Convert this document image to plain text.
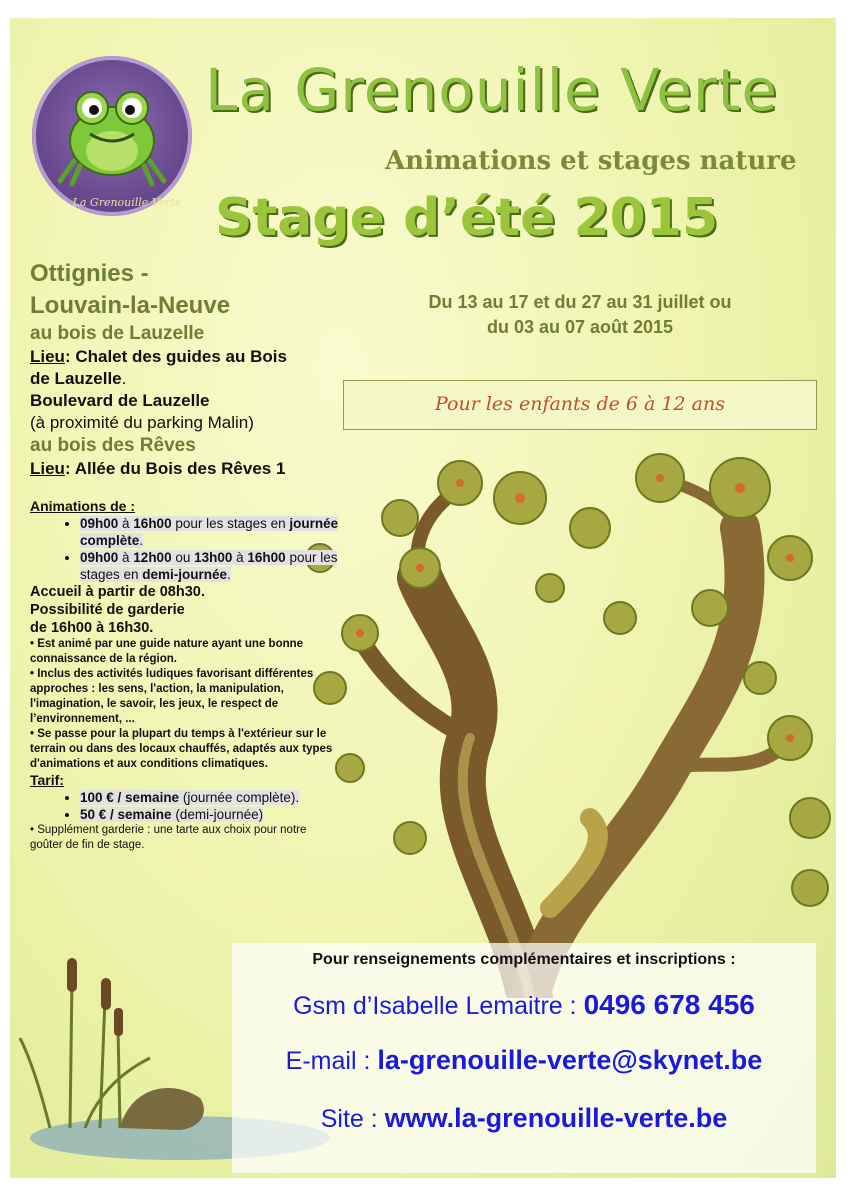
La Grenouille Verte
La Grenouille Verte
Animations et stages nature
Stage d’été 2015
Du 13 au 17 et du 27 au 31 juillet ou
du 03 au 07 août 2015
Pour les enfants de 6 à 12 ans
Ottignies -
Louvain-la-Neuve
au bois de Lauzelle
Lieu: Chalet des guides au Bois
de Lauzelle.
Boulevard de Lauzelle
(à proximité du parking Malin)
au bois des Rêves
Lieu: Allée du Bois des Rêves 1
Animations de :
• 09h00 à 16h00 pour les stages en journée complète.
• 09h00 à 12h00 ou 13h00 à 16h00 pour les stages en demi-journée.
Accueil à partir de 08h30.
Possibilité de garderie
de 16h00 à 16h30.
• Est animé par une guide nature ayant une bonne connaissance de la région.
• Inclus des activités ludiques favorisant différentes approches : les sens, l'action, la manipulation, l'imagination, le savoir, les jeux, le respect de l’environnement, ...
• Se passe pour la plupart du temps à l'extérieur sur le terrain ou dans des locaux chauffés, adaptés aux types d'animations et aux conditions climatiques.
Tarif:
• 100 € / semaine (journée complète).
• 50 € / semaine (demi-journée)
• Supplément garderie : une tarte aux choix pour notre goûter de fin de stage.
Pour renseignements complémentaires et inscriptions :
Gsm d’Isabelle Lemaitre : 0496 678 456
E-mail : la-grenouille-verte@skynet.be
Site : www.la-grenouille-verte.be
